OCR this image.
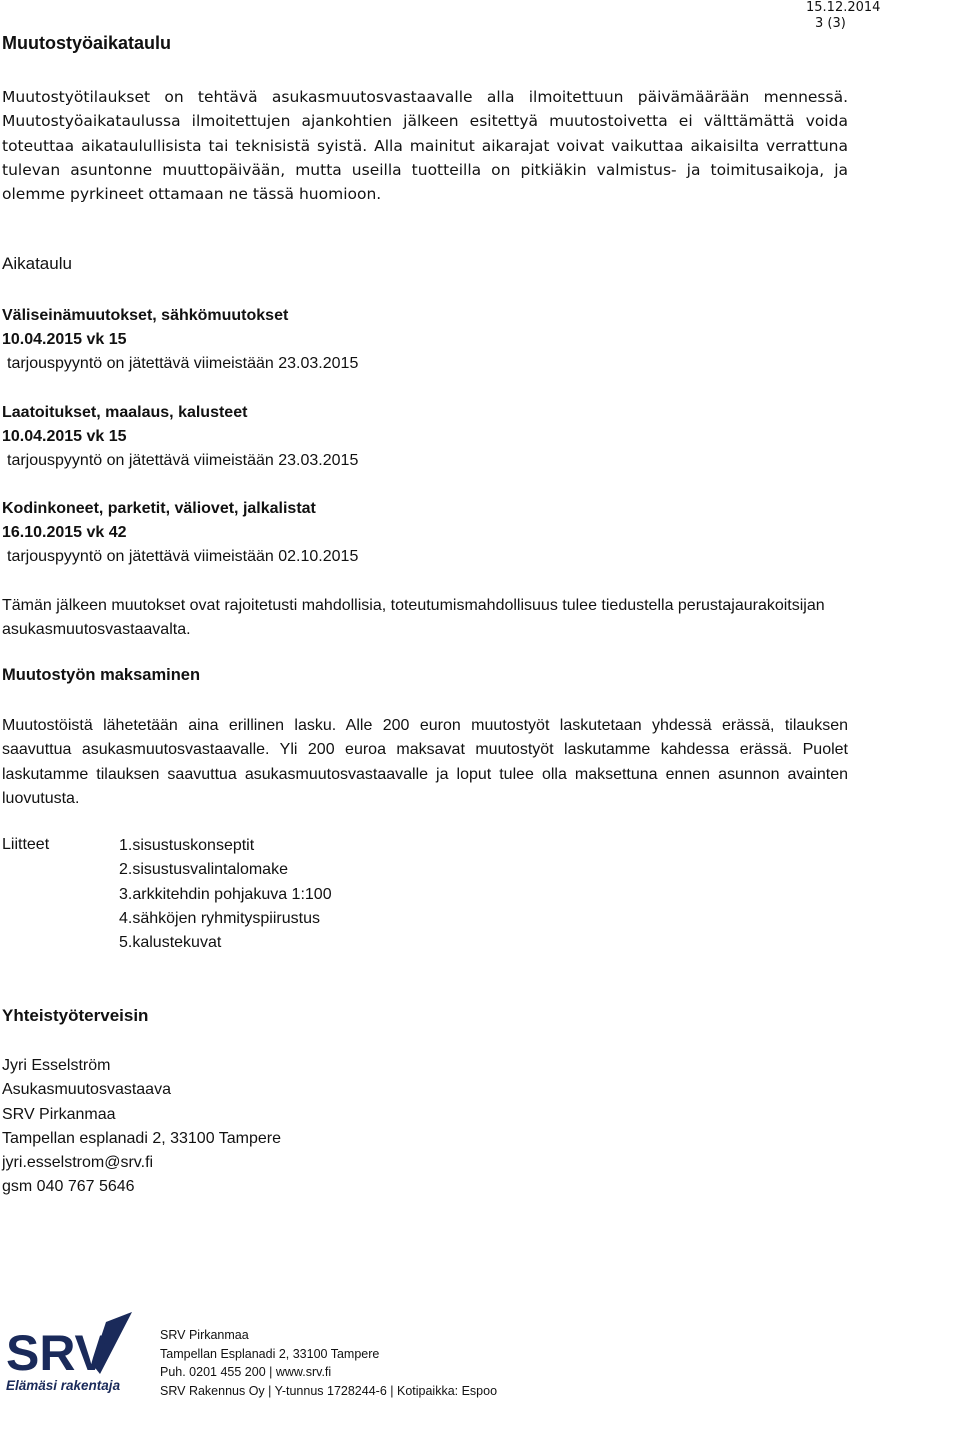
Muutostyöaikataulu
15.12.2014
3 (3)
Muutostyötilaukset on tehtävä asukasmuutosvastaavalle alla ilmoitettuun päivämäärään mennessä. Muutostyöaikataulussa ilmoitettujen ajankohtien jälkeen esitettyä muutostoivetta ei välttämättä voida toteuttaa aikataulullisista tai teknisistä syistä. Alla mainitut aikarajat voivat vaikuttaa aikaisilta verrattuna tulevan asuntonne muuttopäivään, mutta useilla tuotteilla on pitkiäkin valmistus- ja toimitusaikoja, ja olemme pyrkineet ottamaan ne tässä huomioon.
Aikataulu
Väliseinämuutokset, sähkömuutokset
10.04.2015 vk 15
tarjouspyyntö on jätettävä viimeistään 23.03.2015
Laatoitukset, maalaus, kalusteet
10.04.2015 vk 15
tarjouspyyntö on jätettävä viimeistään 23.03.2015
Kodinkoneet, parketit, väliovet, jalkalistat
16.10.2015 vk 42
tarjouspyyntö on jätettävä viimeistään 02.10.2015
Tämän jälkeen muutokset ovat rajoitetusti mahdollisia, toteutumismahdollisuus tulee tiedustella perustajaurakoitsijan asukasmuutosvastaavalta.
Muutostyön maksaminen
Muutostöistä lähetetään aina erillinen lasku. Alle 200 euron muutostyöt laskutetaan yhdessä erässä, tilauksen saavuttua asukasmuutosvastaavalle. Yli 200 euroa maksavat muutostyöt laskutamme kahdessa erässä. Puolet laskutamme tilauksen saavuttua asukasmuutosvastaavalle ja loput tulee olla maksettuna ennen asunnon avainten luovutusta.
Liitteet	1.sisustuskonseptit
2.sisustusvalintalomake
3.arkkitehdin pohjakuva 1:100
4.sähköjen ryhmityspiirustus
5.kalustekuvat
Yhteistyöterveisin
Jyri Esselström
Asukasmuutosvastaava
SRV Pirkanmaa
Tampellan esplanadi 2, 33100 Tampere
jyri.esselstrom@srv.fi
gsm 040 767 5646
SRV
Elämäsi rakentaja
SRV Pirkanmaa
Tampellan Esplanadi 2, 33100 Tampere
Puh. 0201 455 200 | www.srv.fi
SRV Rakennus Oy | Y-tunnus 1728244-6 | Kotipaikka: Espoo
